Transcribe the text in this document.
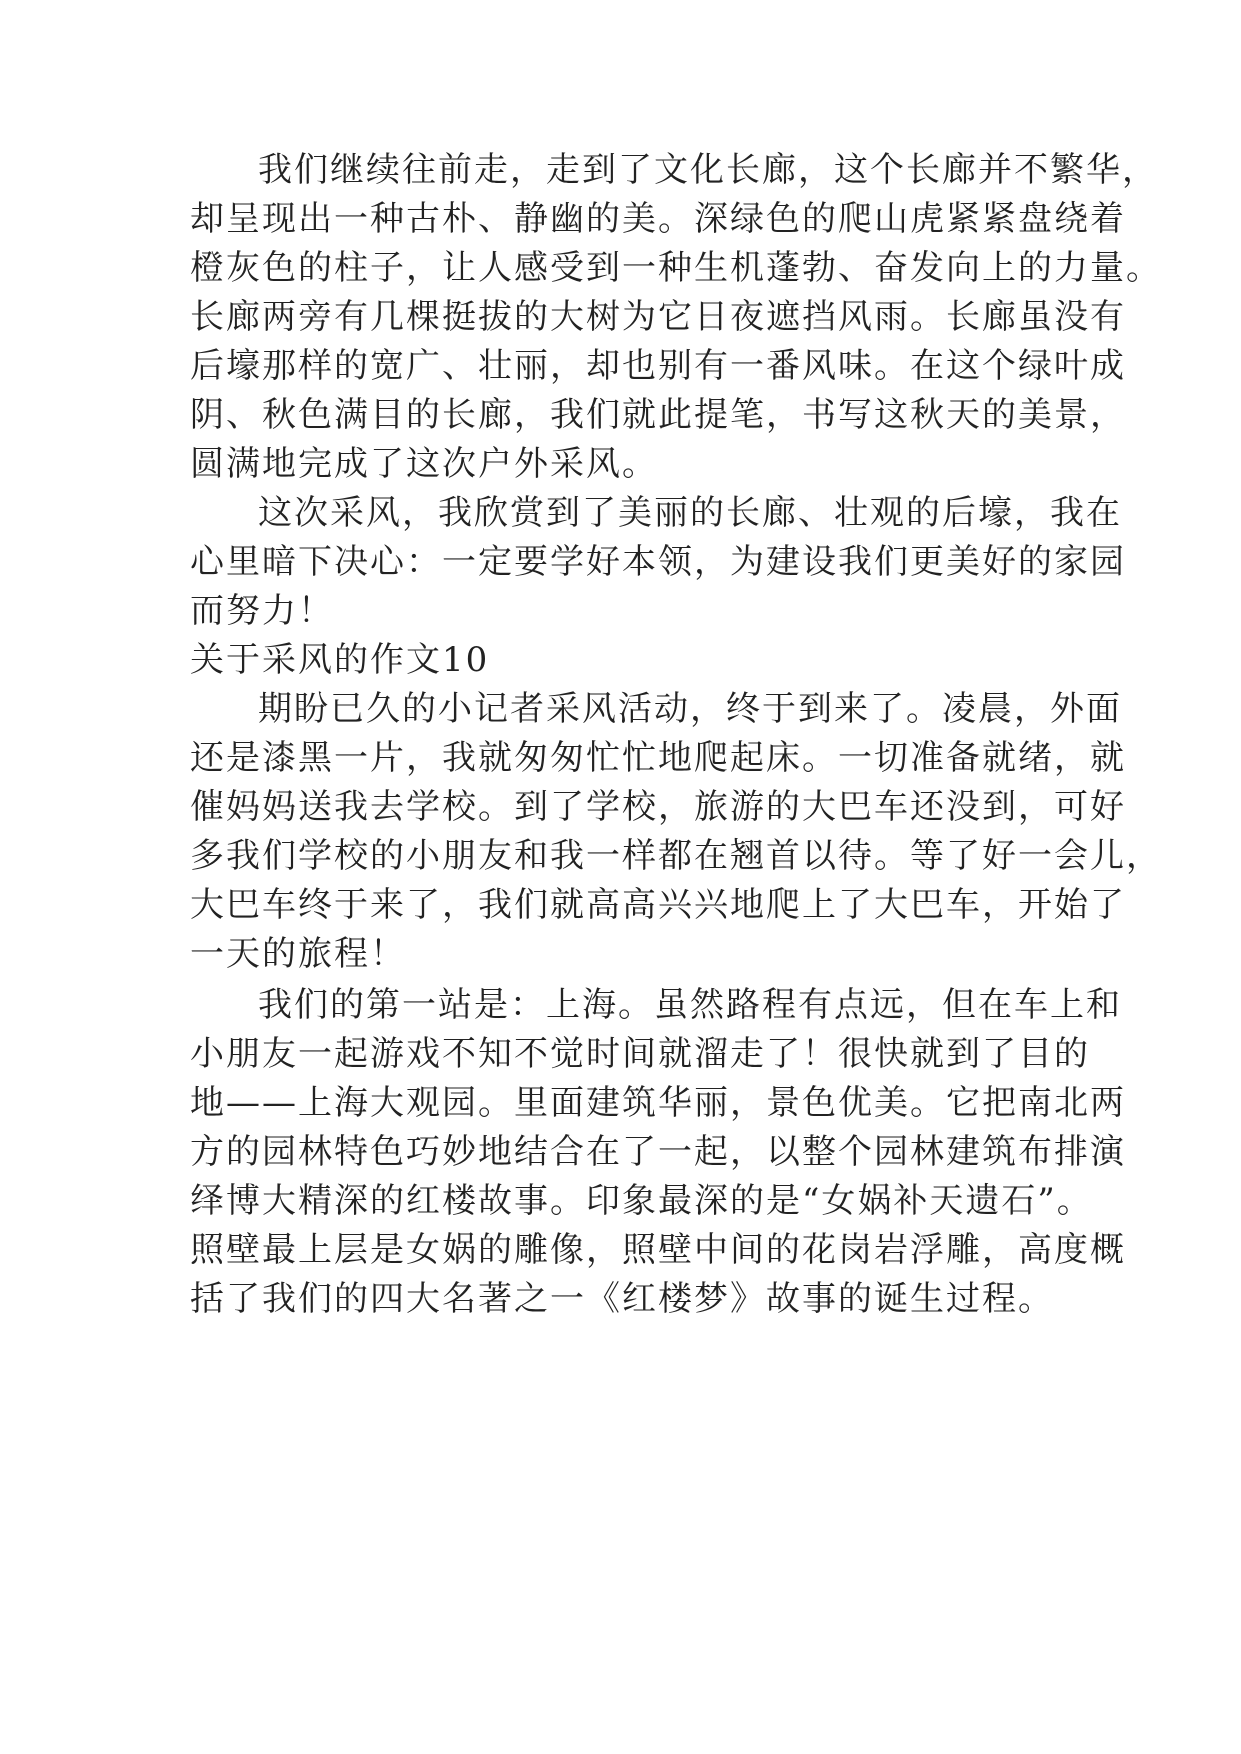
我们继续往前走，走到了文化长廊，这个长廊并不繁华，
却呈现出一种古朴、静幽的美。深绿色的爬山虎紧紧盘绕着
橙灰色的柱子，让人感受到一种生机蓬勃、奋发向上的力量。
长廊两旁有几棵挺拔的大树为它日夜遮挡风雨。长廊虽没有
后壕那样的宽广、壮丽，却也别有一番风味。在这个绿叶成
阴、秋色满目的长廊，我们就此提笔，书写这秋天的美景，
圆满地完成了这次户外采风。
这次采风，我欣赏到了美丽的长廊、壮观的后壕，我在
心里暗下决心：一定要学好本领，为建设我们更美好的家园
而努力！
关于采风的作文10
期盼已久的小记者采风活动，终于到来了。凌晨，外面
还是漆黑一片，我就匆匆忙忙地爬起床。一切准备就绪，就
催妈妈送我去学校。到了学校，旅游的大巴车还没到，可好
多我们学校的小朋友和我一样都在翘首以待。等了好一会儿，
大巴车终于来了，我们就高高兴兴地爬上了大巴车，开始了
一天的旅程！
我们的第一站是：上海。虽然路程有点远，但在车上和
小朋友一起游戏不知不觉时间就溜走了！很快就到了目的
地——上海大观园。里面建筑华丽，景色优美。它把南北两
方的园林特色巧妙地结合在了一起，以整个园林建筑布排演
绎博大精深的红楼故事。印象最深的是“女娲补天遗石”。
照壁最上层是女娲的雕像，照壁中间的花岗岩浮雕，高度概
括了我们的四大名著之一《红楼梦》故事的诞生过程。
